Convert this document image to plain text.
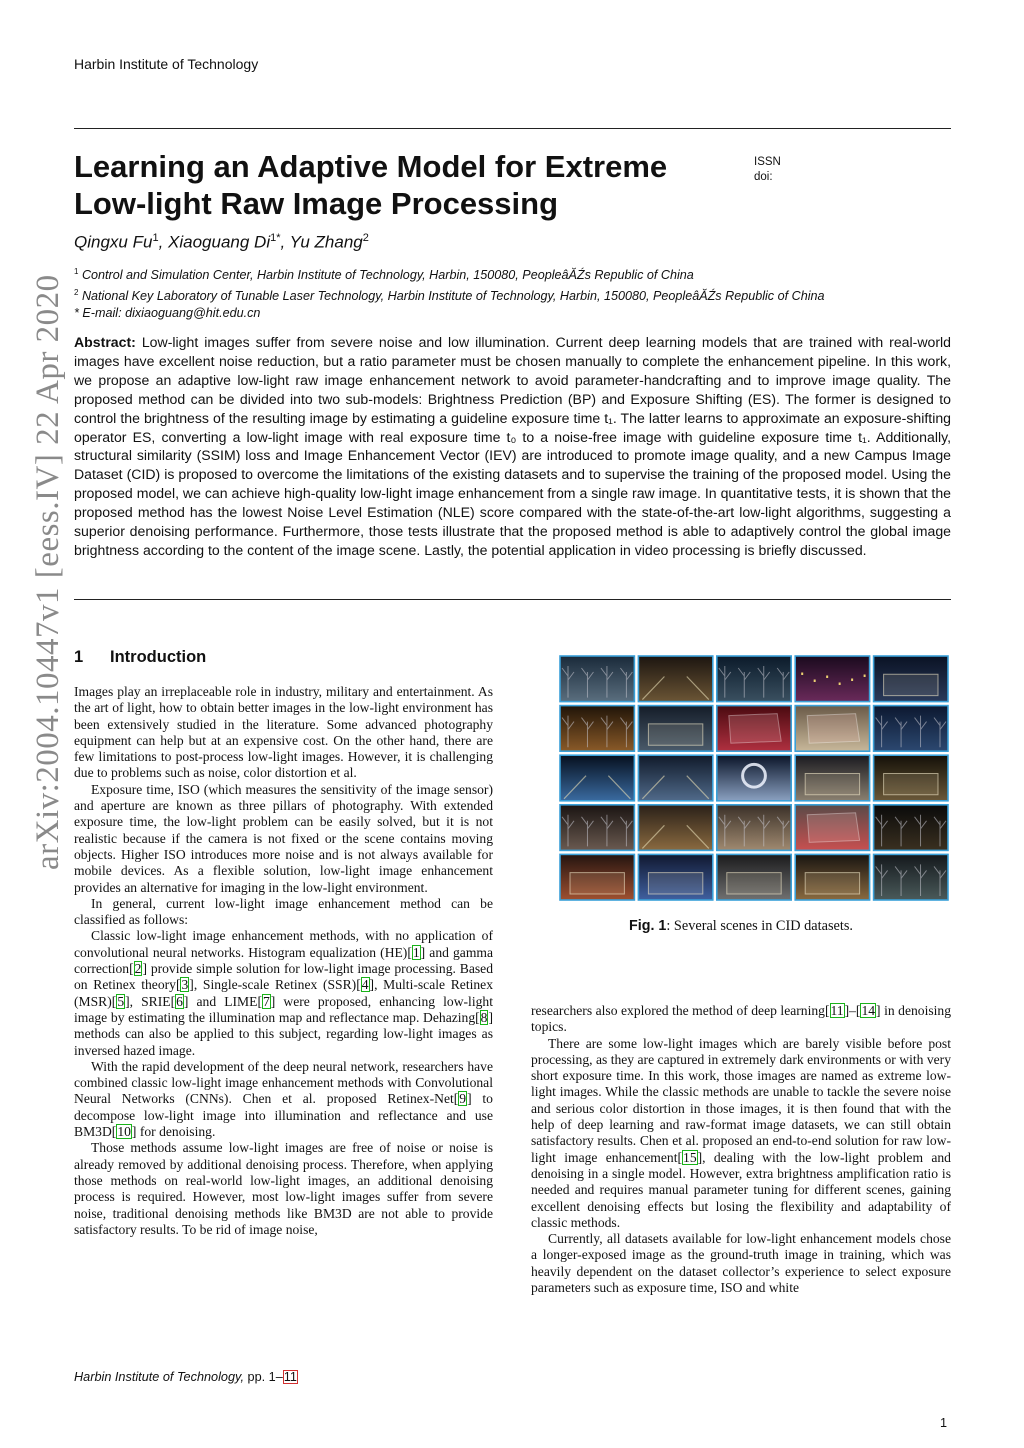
Harbin Institute of Technology
Learning an Adaptive Model for Extreme Low-light Raw Image Processing
ISSN
doi:
Qingxu Fu$^1$, Xiaoguang $Di^{1*}$, Yu Zhang$^2$
$^1$ Control and Simulation Center, Harbin Institute of Technology, Harbin, 150080, PeopleâĂŹs Republic of China
$^2$ National Key Laboratory of Tunable Laser Technology, Harbin Institute of Technology, Harbin, 150080, PeopleâĂŹs Republic of China
* E-mail: dixiaoguang@hit.edu.cn

Abstract: Low-light images suffer from severe noise and low illumination. Current deep learning models that are trained with real-world images have excellent noise reduction, but a ratio parameter must be chosen manually to complete the enhancement pipeline. In this work, we propose an adaptive low-light raw image enhancement network to avoid parameter-handcrafting and to improve image quality. The proposed method can be divided into two sub-models: Brightness Prediction (BP) and Exposure Shifting (ES). The former is designed to control the brightness of the resulting image by estimating a guideline exposure time t₁. The latter learns to approximate an exposure-shifting operator ES, converting a low-light image with real exposure time t₀ to a noise-free image with guideline exposure time t₁. Additionally, structural similarity (SSIM) loss and Image Enhancement Vector (IEV) are introduced to promote image quality, and a new Campus Image Dataset (CID) is proposed to overcome the limitations of the existing datasets and to supervise the training of the proposed model. Using the proposed model, we can achieve high-quality low-light image enhancement from a single raw image. In quantitative tests, it is shown that the proposed method has the lowest Noise Level Estimation (NLE) score compared with the state-of-the-art low-light algorithms, suggesting a superior denoising performance. Furthermore, those tests illustrate that the proposed method is able to adaptively control the global image brightness according to the content of the image scene. Lastly, the potential application in video processing is briefly discussed.

arXiv:2004.10447v1 [eess.IV] 22 Apr 2020 1 Introduction

Images play an irreplaceable role in industry, military and entertainment. As the art of light, how to obtain better images in the low-light environment has been extensively studied in the literature. Some advanced photography equipment can help but at an expensive cost. On the other hand, there are few limitations to post-process low-light images. However, it is challenging due to problems such as noise, color distortion et al.

Exposure time, ISO (which measures the sensitivity of the image sensor) and aperture are known as three pillars of photography. With extended exposure time, the low-light problem can be easily solved, but it is not realistic because if the camera is not fixed or the scene contains moving objects. Higher ISO introduces more noise and is not always available for mobile devices. As a flexible solution, low-light image enhancement provides an alternative for imaging in the low-light environment.

In general, current low-light image enhancement method can be classified as follows:

Classic low-light image enhancement methods, with no application of convolutional neural networks. Histogram equalization (HE)[1] and gamma correction[2] provide simple solution for low-light image processing. Based on Retinex theory[3], Single-scale Retinex (SSR)[4], Multi-scale Retinex (MSR)[5], SRIE[6] and LIME[7] were proposed, enhancing low-light image by estimating the illumination map and reflectance map. Dehazing[8] methods can also be applied to this subject, regarding low-light images as inversed hazed image.

With the rapid development of the deep neural network, researchers have combined classic low-light image enhancement methods with Convolutional Neural Networks (CNNs). Chen et al. proposed Retinex-Net[9] to decompose low-light image into illumination and reflectance and use BM3D[10] for denoising.

Those methods assume low-light images are free of noise or noise is already removed by additional denoising process. Therefore, when applying those methods on real-world low-light images, an additional denoising process is required. However, most low-light images suffer from severe noise, traditional denoising methods like BM3D are not able to provide satisfactory results. To be rid of image noise,

Fig. 1: Several scenes in CID datasets.

researchers also explored the method of deep learning[11]–[14] in denoising topics.

There are some low-light images which are barely visible before post processing, as they are captured in extremely dark environments or with very short exposure time. In this work, those images are named as extreme low-light images. While the classic methods are unable to tackle the severe noise and serious color distortion in those images, it is then found that with the help of deep learning and raw-format image datasets, we can still obtain satisfactory results. Chen et al. proposed an end-to-end solution for raw low-light image enhancement[15], dealing with the low-light problem and denoising in a single model. However, extra brightness amplification ratio is needed and requires manual parameter tuning for different scenes, gaining excellent denoising effects but losing the flexibility and adaptability of classic methods.

Currently, all datasets available for low-light enhancement models chose a longer-exposed image as the ground-truth image in training, which was heavily dependent on the dataset collector’s experience to select exposure parameters such as exposure time, ISO and white

Harbin Institute of Technology, pp. 1–11
1
